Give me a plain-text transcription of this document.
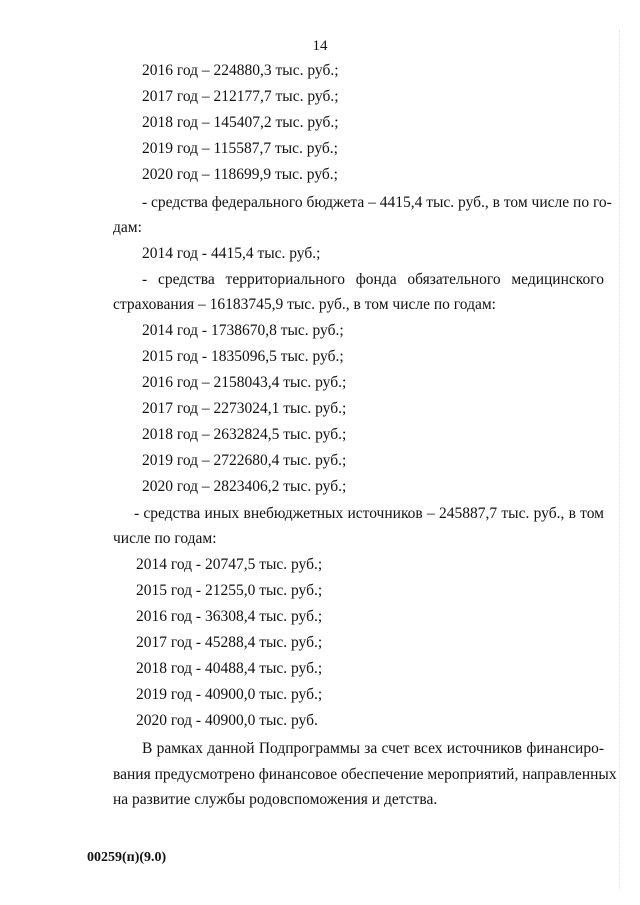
14
2016 год – 224880,3 тыс. руб.;
2017 год – 212177,7 тыс. руб.;
2018 год – 145407,2 тыс. руб.;
2019 год – 115587,7 тыс. руб.;
2020 год – 118699,9 тыс. руб.;
- средства федерального бюджета – 4415,4 тыс. руб., в том числе по го-
дам:
2014 год - 4415,4 тыс. руб.;
- средства территориального фонда обязательного медицинского
страхования – 16183745,9 тыс. руб., в том числе по годам:
2014 год - 1738670,8 тыс. руб.;
2015 год - 1835096,5 тыс. руб.;
2016 год – 2158043,4 тыс. руб.;
2017 год – 2273024,1 тыс. руб.;
2018 год – 2632824,5 тыс. руб.;
2019 год – 2722680,4 тыс. руб.;
2020 год – 2823406,2 тыс. руб.;
- средства иных внебюджетных источников – 245887,7 тыс. руб., в том
числе по годам:
2014 год - 20747,5 тыс. руб.;
2015 год - 21255,0 тыс. руб.;
2016 год - 36308,4 тыс. руб.;
2017 год - 45288,4 тыс. руб.;
2018 год - 40488,4 тыс. руб.;
2019 год - 40900,0 тыс. руб.;
2020 год - 40900,0 тыс. руб.
В рамках данной Подпрограммы за счет всех источников финансиро-
вания предусмотрено финансовое обеспечение мероприятий, направленных
на развитие службы родовспоможения и детства.
00259(п)(9.0)
